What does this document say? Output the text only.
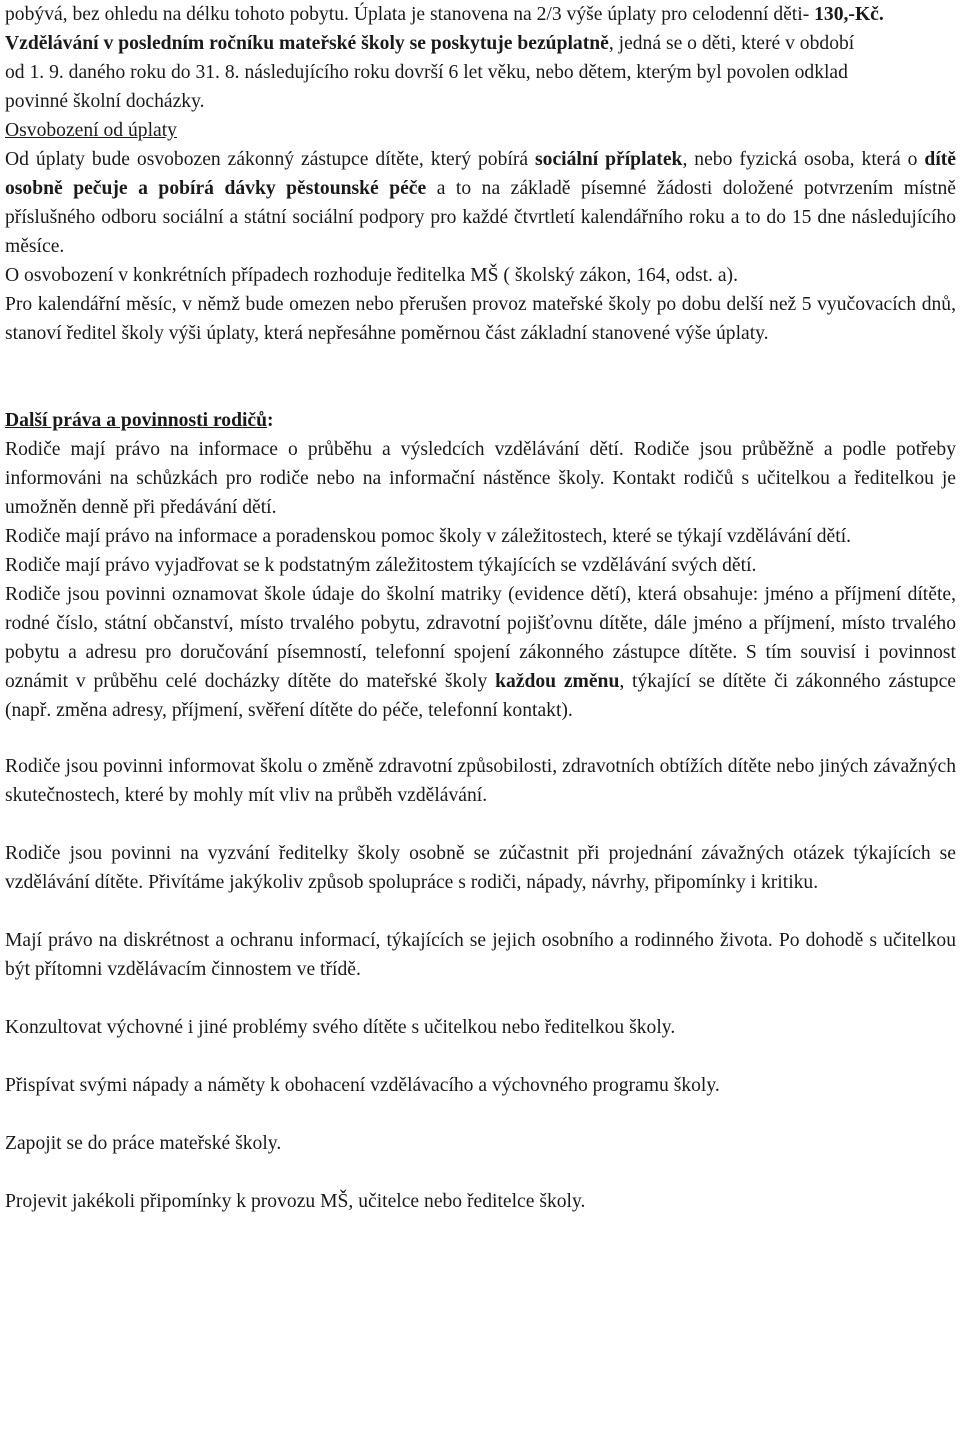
pobývá, bez ohledu na délku tohoto pobytu. Úplata je stanovena na 2/3 výše úplaty pro celodenní děti- 130,-Kč.

Vzdělávání v posledním ročníku mateřské školy se poskytuje bezúplatně, jedná se o děti, které v období od 1. 9. daného roku do 31. 8. následujícího roku dovrší 6 let věku, nebo dětem, kterým byl povolen odklad povinné školní docházky.

Osvobození od úplaty

Od úplaty bude osvobozen zákonný zástupce dítěte, který pobírá sociální příplatek, nebo fyzická osoba, která o dítě osobně pečuje a pobírá dávky pěstounské péče a to na základě písemné žádosti doložené potvrzením místně příslušného odboru sociální a státní sociální podpory pro každé čtvrtletí kalendářního roku a to do 15 dne následujícího měsíce.

O osvobození v konkrétních případech rozhoduje ředitelka MŠ ( školský zákon, 164, odst. a).

Pro kalendářní měsíc, v němž bude omezen nebo přerušen provoz mateřské školy po dobu delší než 5 vyučovacích dnů, stanoví ředitel školy výši úplaty, která nepřesáhne poměrnou část základní stanovené výše úplaty.

Další práva a povinnosti rodičů:

Rodiče mají právo na informace o průběhu a výsledcích vzdělávání dětí. Rodiče jsou průběžně a podle potřeby informováni na schůzkách pro rodiče nebo na informační nástěnce školy. Kontakt rodičů s učitelkou a ředitelkou je umožněn denně při předávání dětí.

Rodiče mají právo na informace a poradenskou pomoc školy v záležitostech, které se týkají vzdělávání dětí.

Rodiče mají právo vyjadřovat se k podstatným záležitostem týkajících se vzdělávání svých dětí.

Rodiče jsou povinni oznamovat škole údaje do školní matriky (evidence dětí), která obsahuje: jméno a příjmení dítěte, rodné číslo, státní občanství, místo trvalého pobytu, zdravotní pojišťovnu dítěte, dále jméno a příjmení, místo trvalého pobytu a adresu pro doručování písemností, telefonní spojení zákonného zástupce dítěte. S tím souvisí i povinnost oznámit v průběhu celé docházky dítěte do mateřské školy každou změnu, týkající se dítěte či zákonného zástupce (např. změna adresy, příjmení, svěření dítěte do péče, telefonní kontakt).

Rodiče jsou povinni informovat školu o změně zdravotní způsobilosti, zdravotních obtížích dítěte nebo jiných závažných skutečnostech, které by mohly mít vliv na průběh vzdělávání.

Rodiče jsou povinni na vyzvání ředitelky školy osobně se zúčastnit při projednání závažných otázek týkajících se vzdělávání dítěte. Přivítáme jakýkoliv způsob spolupráce s rodiči, nápady, návrhy, připomínky i kritiku.

Mají právo na diskrétnost a ochranu informací, týkajících se jejich osobního a rodinného života. Po dohodě s učitelkou být přítomni vzdělávacím činnostem ve třídě.

Konzultovat výchovné i jiné problémy svého dítěte s učitelkou nebo ředitelkou školy.

Přispívat svými nápady a náměty k obohacení vzdělávacího a výchovného programu školy.

Zapojit se do práce mateřské školy.

Projevit jakékoli připomínky k provozu MŠ, učitelce nebo ředitelce školy.
